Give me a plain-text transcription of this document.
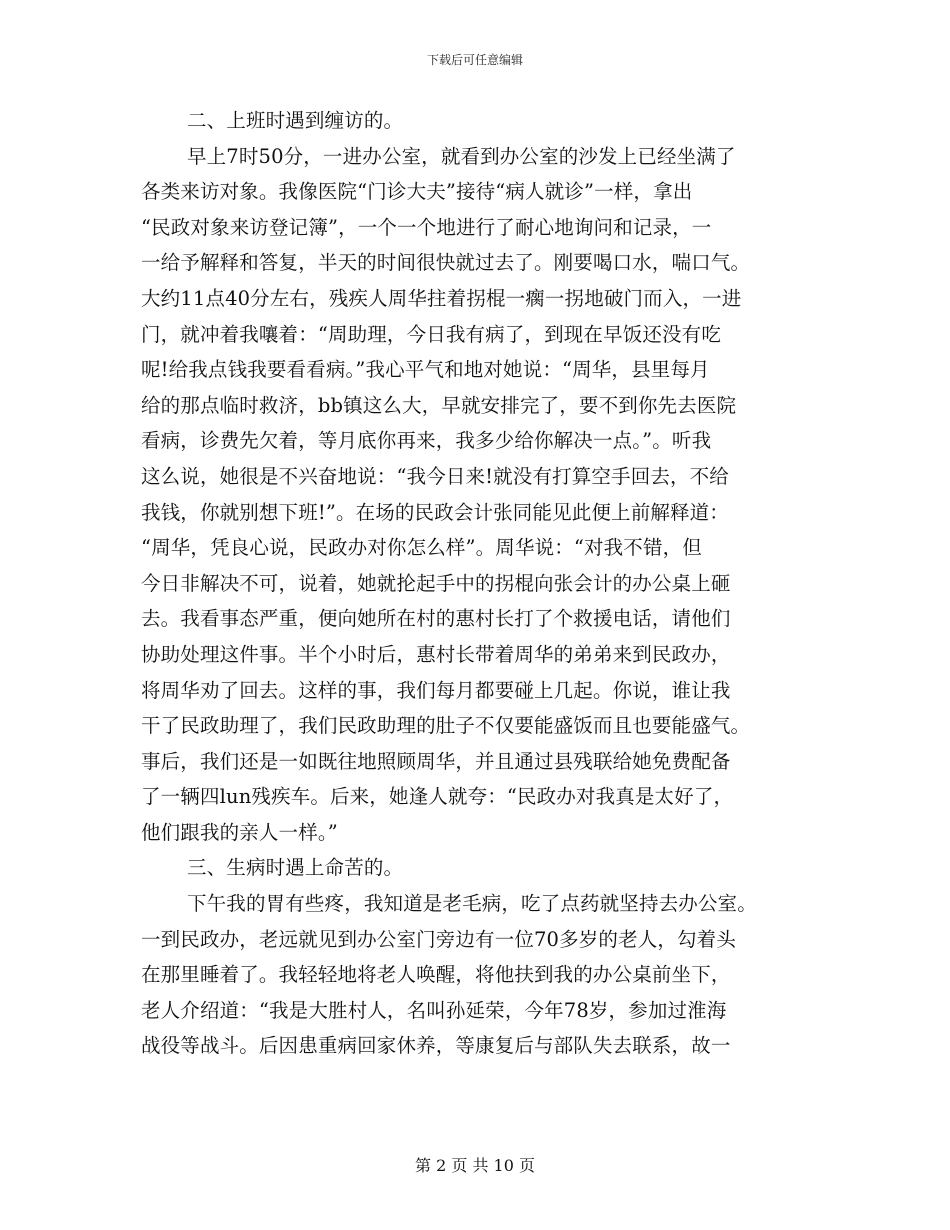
下载后可任意编辑
二、上班时遇到缠访的。
早上7时50分，一进办公室，就看到办公室的沙发上已经坐满了
各类来访对象。我像医院“门诊大夫”接待“病人就诊”一样，拿出
“民政对象来访登记簿”，一个一个地进行了耐心地询问和记录，一
一给予解释和答复，半天的时间很快就过去了。刚要喝口水，喘口气。
大约11点40分左右，残疾人周华拄着拐棍一瘸一拐地破门而入，一进
门，就冲着我嚷着：“周助理，今日我有病了，到现在早饭还没有吃
呢!给我点钱我要看看病。”我心平气和地对她说：“周华，县里每月
给的那点临时救济，bb镇这么大，早就安排完了，要不到你先去医院
看病，诊费先欠着，等月底你再来，我多少给你解决一点。”。听我
这么说，她很是不兴奋地说：“我今日来!就没有打算空手回去，不给
我钱，你就别想下班!”。在场的民政会计张同能见此便上前解释道：
“周华，凭良心说，民政办对你怎么样”。周华说：“对我不错，但
今日非解决不可，说着，她就抡起手中的拐棍向张会计的办公桌上砸
去。我看事态严重，便向她所在村的惠村长打了个救援电话，请他们
协助处理这件事。半个小时后，惠村长带着周华的弟弟来到民政办，
将周华劝了回去。这样的事，我们每月都要碰上几起。你说，谁让我
干了民政助理了，我们民政助理的肚子不仅要能盛饭而且也要能盛气。
事后，我们还是一如既往地照顾周华，并且通过县残联给她免费配备
了一辆四lun残疾车。后来，她逢人就夸：“民政办对我真是太好了，
他们跟我的亲人一样。”
三、生病时遇上命苦的。
下午我的胃有些疼，我知道是老毛病，吃了点药就坚持去办公室。
一到民政办，老远就见到办公室门旁边有一位70多岁的老人，勾着头
在那里睡着了。我轻轻地将老人唤醒，将他扶到我的办公桌前坐下，
老人介绍道：“我是大胜村人，名叫孙延荣，今年78岁，参加过淮海
战役等战斗。后因患重病回家休养，等康复后与部队失去联系，故一
第 2 页 共 10 页
